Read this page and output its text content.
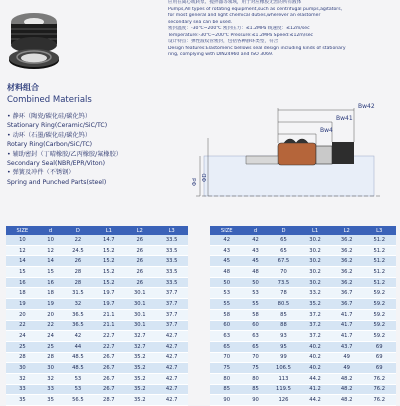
应用在离心或转泵、搅拌器等领域，用于对应橡胶无害的所有液体
Pumps,All types of rotating equipment,such as centrifugal pumps,agitators,
for most general and light chemical duties,wherever an elastomer
secondary sea can be used.
密封温度：-30℃~200℃ 密封压力：≤1.2MPa 线速度：≤12m/sec
Temperature:-30℃~200℃ Pressure:≤1.2MPa Speed:≤12m/sec
设计特点：弹性波纹管密封，包括各种静环类型，符合
Design features:Elastomeric bellows seal design including kinds of stationary
ring, complying with DIN24960 and ISO 3069.
材料组合
Combined Materials
• 静环（陶瓷/碳化硅/碳化钨）
Stationary Ring(Ceramic/SiC/TC)
• 动环（石墨/碳化硅/碳化钨）
Rotary Ring(Carbon/SiC/TC)
• 辅助密封（丁晴橡胶/乙丙橡胶/氟橡胶）
Secondary Seal(NBR/EPR/Viton)
• 弹簧及冲件（不锈钢）
Spring and Punched Parts(steel)
Bw42
Bw41
Bw4
Φd
ΦD
SIZE	d	D	L1	L2	L3
10	10	22	14.7	26	33.5
12	12	24.5	15.2	26	33.5
14	14	26	15.2	26	33.5
15	15	28	15.2	26	33.5
16	16	28	15.2	26	33.5
18	18	31.5	19.7	30.1	37.7
19	19	32	19.7	30.1	37.7
20	20	36.5	21.1	30.1	37.7
22	22	36.5	21.1	30.1	37.7
24	24	42	22.7	32.7	42.7
25	25	44	22.7	32.7	42.7
28	28	48.5	26.7	35.2	42.7
30	30	48.5	26.7	35.2	42.7
32	32	53	26.7	35.2	42.7
33	33	53	26.7	35.2	42.7
35	35	56.5	28.7	35.2	42.7
SIZE	d	D	L1	L2	L3
42	42	65	30.2	36.2	51.2
43	43	65	30.2	36.2	51.2
45	45	67.5	30.2	36.2	51.2
48	48	70	30.2	36.2	51.2
50	50	73.5	30.2	36.2	51.2
53	53	78	33.2	36.7	59.2
55	55	80.5	35.2	36.7	59.2
58	58	85	37.2	41.7	59.2
60	60	88	37.2	41.7	59.2
63	63	93	37.2	41.7	59.2
65	65	95	40.2	43.7	69
70	70	99	40.2	49	69
75	75	106.5	40.2	49	69
80	80	113	44.2	48.2	76.2
85	85	119.5	41.2	48.2	76.2
90	90	126	44.2	48.2	76.2
